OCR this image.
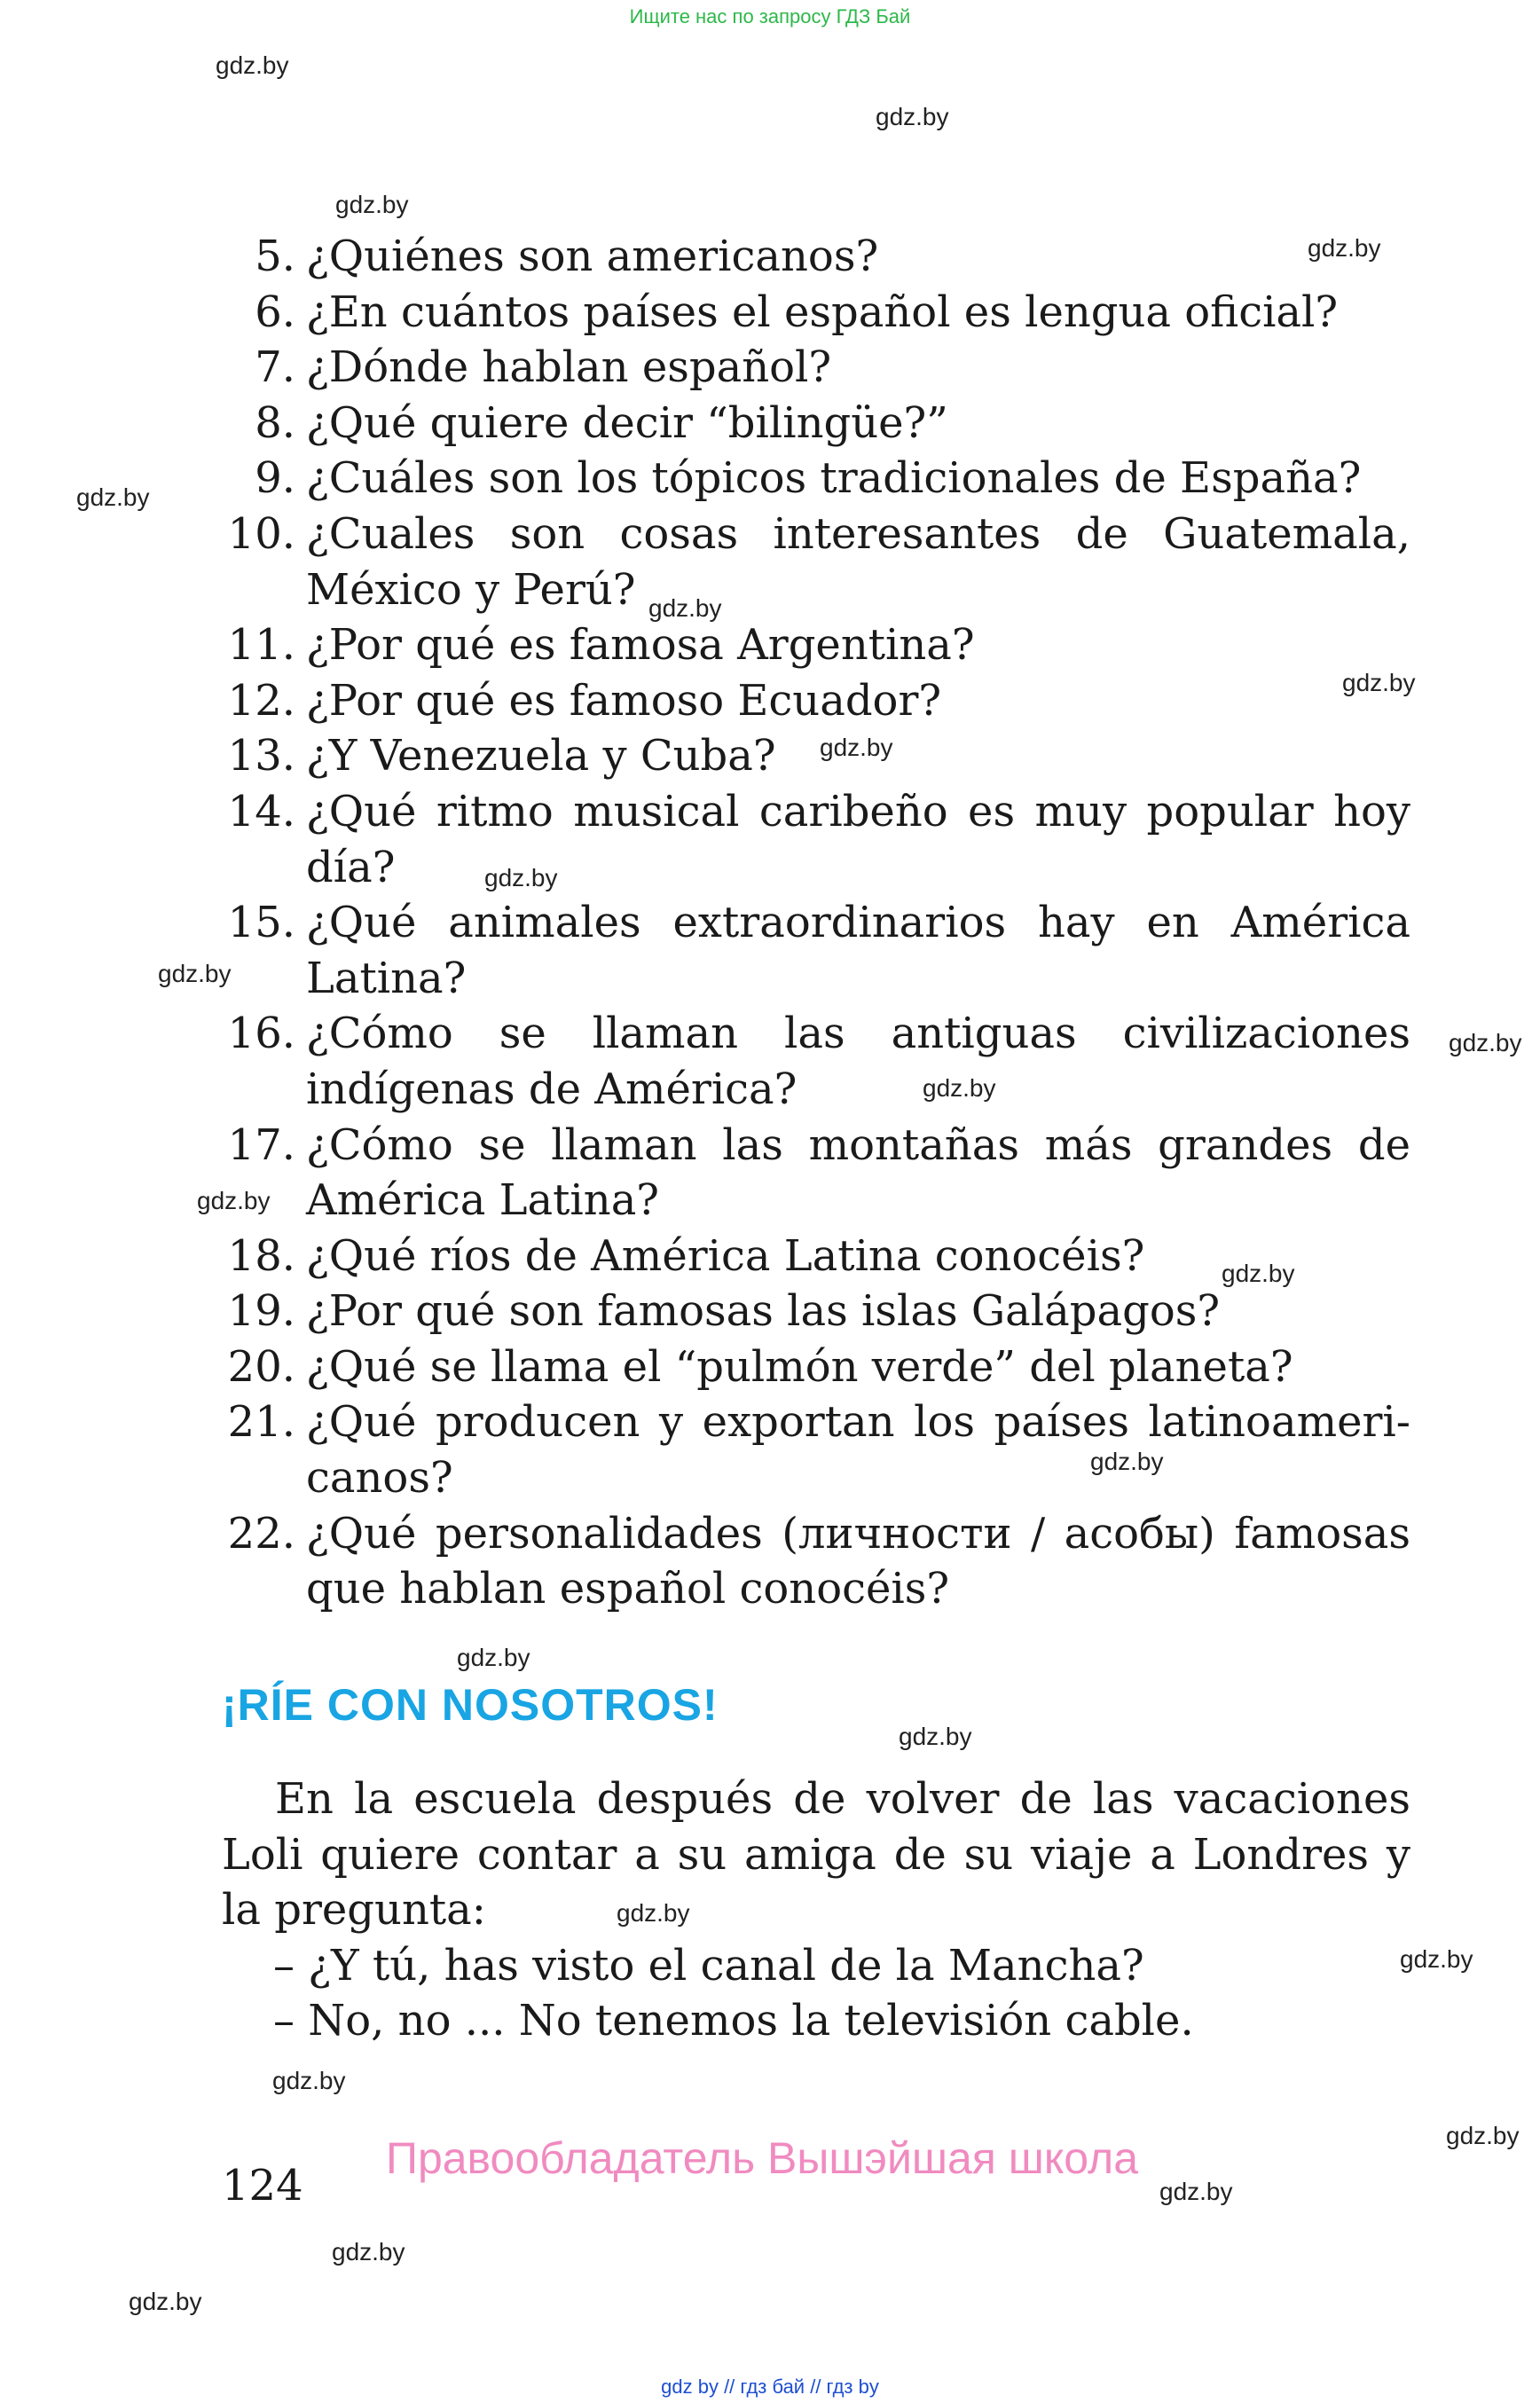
Ищите нас по запросу ГДЗ Бай
gdz.by
gdz.by
gdz.by
gdz.by
gdz.by
gdz.by
gdz.by
gdz.by
gdz.by
gdz.by
gdz.by
gdz.by
gdz.by
gdz.by
gdz.by
gdz.by
gdz.by
gdz.by
gdz.by
gdz.by
gdz.by
gdz.by
gdz.by
gdz.by
5. ¿Quiénes son americanos?
6. ¿En cuántos países el español es lengua oficial?
7. ¿Dónde hablan español?
8. ¿Qué quiere decir “bilingüe?”
9. ¿Cuáles son los tópicos tradicionales de España?
10. ¿Cuales son cosas interesantes de Guatemala, México y Perú?
11. ¿Por qué es famosa Argentina?
12. ¿Por qué es famoso Ecuador?
13. ¿Y Venezuela y Cuba?
14. ¿Qué ritmo musical caribeño es muy popular hoy día?
15. ¿Qué animales extraordinarios hay en América Latina?
16. ¿Cómo se llaman las antiguas civilizaciones indígenas de América?
17. ¿Cómo se llaman las montañas más grandes de América Latina?
18. ¿Qué ríos de América Latina conocéis?
19. ¿Por qué son famosas las islas Galápagos?
20. ¿Qué se llama el “pulmón verde” del planeta?
21. ¿Qué producen y exportan los países latinoameri- canos?
22. ¿Qué personalidades (личности / асобы) famosas que hablan español conocéis?
¡RÍE CON NOSOTROS!
En la escuela después de volver de las vacaciones Loli quiere contar a su amiga de su viaje a Londres y la pregunta:
– ¿Y tú, has visto el canal de la Mancha?
– No, no ... No tenemos la televisión cable.
Правообладатель Вышэйшая школа
124
gdz by // гдз бай // гдз by
